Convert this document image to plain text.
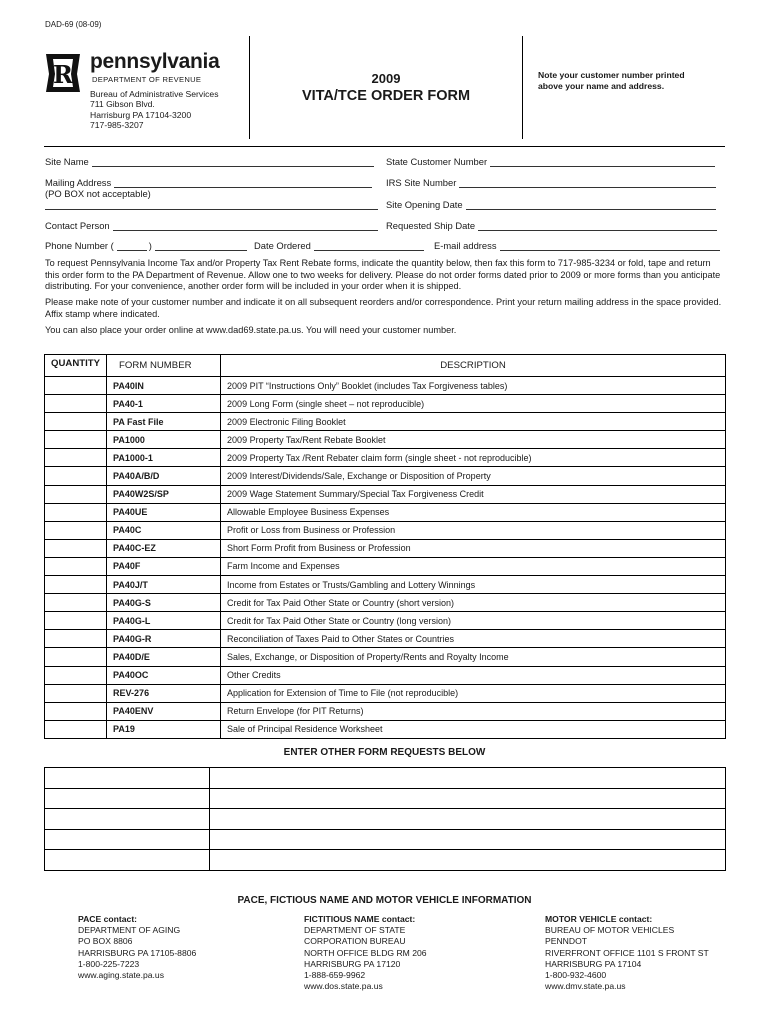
DAD-69 (08-09)
R pennsylvania
DEPARTMENT OF REVENUE
Bureau of Administrative Services
711 Gibson Blvd.
Harrisburg PA 17104-3200
717-985-3207
2009
VITA/TCE ORDER FORM
Note your customer number printed above your name and address.
Site Name	State Customer Number
Mailing Address
(PO BOX not acceptable)
IRS Site Number
Site Opening Date
Contact Person	Requested Ship Date
Phone Number (	)	Date Ordered	E-mail address
To request Pennsylvania Income Tax and/or Property Tax Rent Rebate forms, indicate the quantity below, then fax this form to 717-985-3234 or fold, tape and return this order form to the PA Department of Revenue. Allow one to two weeks for delivery. Please do not order forms dated prior to 2009 or more forms than you anticipate distributing. For your convenience, another order form will be included in your order when it is shipped.
Please make note of your customer number and indicate it on all subsequent reorders and/or correspondence. Print your return mailing address in the space provided. Affix stamp where indicated.
You can also place your order online at www.dad69.state.pa.us. You will need your customer number.
QUANTITY	FORM NUMBER	DESCRIPTION
	PA40IN	2009 PIT “Instructions Only” Booklet (includes Tax Forgiveness tables)
	PA40-1	2009 Long Form (single sheet – not reproducible)
	PA Fast File	2009 Electronic Filing Booklet
	PA1000	2009 Property Tax/Rent Rebate Booklet
	PA1000-1	2009 Property Tax /Rent Rebater claim form (single sheet - not reproducible)
	PA40A/B/D	2009 Interest/Dividends/Sale, Exchange or Disposition of Property
	PA40W2S/SP	2009 Wage Statement Summary/Special Tax Forgiveness Credit
	PA40UE	Allowable Employee Business Expenses
	PA40C	Profit or Loss from Business or Profession
	PA40C-EZ	Short Form Profit from Business or Profession
	PA40F	Farm Income and Expenses
	PA40J/T	Income from Estates or Trusts/Gambling and Lottery Winnings
	PA40G-S	Credit for Tax Paid Other State or Country (short version)
	PA40G-L	Credit for Tax Paid Other State or Country (long version)
	PA40G-R	Reconciliation of Taxes Paid to Other States or Countries
	PA40D/E	Sales, Exchange, or Disposition of Property/Rents and Royalty Income
	PA40OC	Other Credits
	REV-276	Application for Extension of Time to File (not reproducible)
	PA40ENV	Return Envelope (for PIT Returns)
	PA19	Sale of Principal Residence Worksheet
ENTER OTHER FORM REQUESTS BELOW

PACE, FICTIOUS NAME AND MOTOR VEHICLE INFORMATION
PACE contact:
DEPARTMENT OF AGING
PO BOX 8806
HARRISBURG PA 17105-8806
1-800-225-7223
www.aging.state.pa.us
FICTITIOUS NAME contact:
DEPARTMENT OF STATE
CORPORATION BUREAU
NORTH OFFICE BLDG RM 206
HARRISBURG PA 17120
1-888-659-9962
www.dos.state.pa.us
MOTOR VEHICLE contact:
BUREAU OF MOTOR VEHICLES
PENNDOT
RIVERFRONT OFFICE 1101 S FRONT ST
HARRISBURG PA 17104
1-800-932-4600
www.dmv.state.pa.us
